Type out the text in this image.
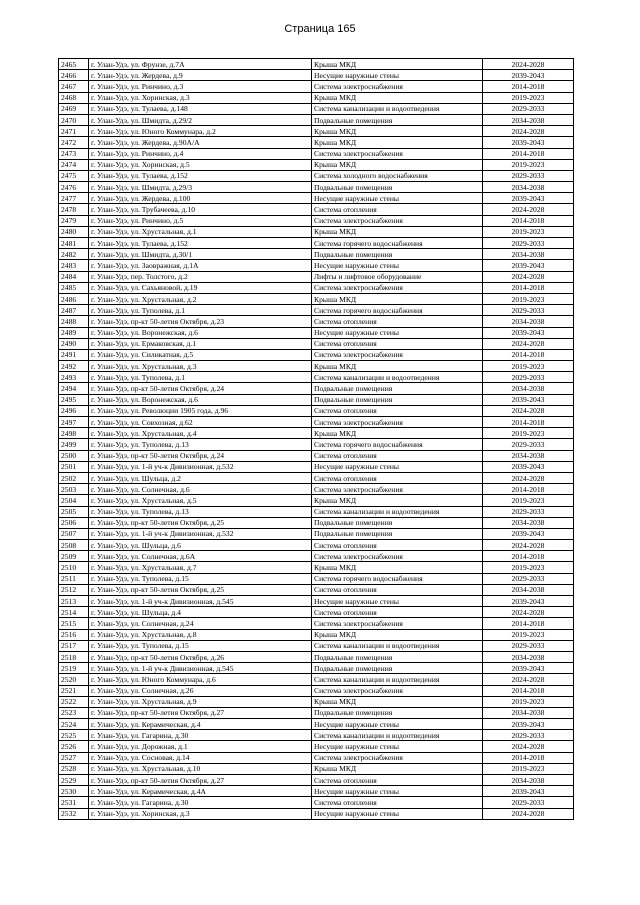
Страница 165
2465	г. Улан-Удэ, ул. Фрунзе, д.7А	Крыша МКД	2024-2028
2466	г. Улан-Удэ, ул. Жердева, д.9	Несущие наружные стены	2039-2043
2467	г. Улан-Удэ, ул. Ринчино, д.3	Система электроснабжения	2014-2018
2468	г. Улан-Удэ, ул. Хоринская, д.3	Крыша МКД	2019-2023
2469	г. Улан-Удэ, ул. Тулаева, д.148	Система канализации и водоотведения	2029-2033
2470	г. Улан-Удэ, ул. Шмидта, д.29/2	Подвальные помещения	2034-2038
2471	г. Улан-Удэ, ул. Юного Коммунара, д.2	Крыша МКД	2024-2028
2472	г. Улан-Удэ, ул. Жердева, д.90А/А	Крыша МКД	2039-2043
2473	г. Улан-Удэ, ул. Ринчино, д.4	Система электроснабжения	2014-2018
2474	г. Улан-Удэ, ул. Хоринская, д.5	Крыша МКД	2019-2023
2475	г. Улан-Удэ, ул. Тулаева, д.152	Система холодного водоснабжения	2029-2033
2476	г. Улан-Удэ, ул. Шмидта, д.29/3	Подвальные помещения	2034-2038
2477	г. Улан-Удэ, ул. Жердева, д.100	Несущие наружные стены	2039-2043
2478	г. Улан-Удэ, ул. Трубачеева, д.10	Система отопления	2024-2028
2479	г. Улан-Удэ, ул. Ринчино, д.5	Система электроснабжения	2014-2018
2480	г. Улан-Удэ, ул. Хрустальная, д.1	Крыша МКД	2019-2023
2481	г. Улан-Удэ, ул. Тулаева, д.152	Система горячего водоснабжения	2029-2033
2482	г. Улан-Удэ, ул. Шмидта, д.30/1	Подвальные помещения	2034-2038
2483	г. Улан-Удэ, ул. Заовражная, д.1А	Несущие наружные стены	2039-2043
2484	г. Улан-Удэ, пер. Толстого, д.2	Лифты и лифтовое оборудование	2024-2028
2485	г. Улан-Удэ, ул. Сахьяновой, д.19	Система электроснабжения	2014-2018
2486	г. Улан-Удэ, ул. Хрустальная, д.2	Крыша МКД	2019-2023
2487	г. Улан-Удэ, ул. Туполева, д.1	Система горячего водоснабжения	2029-2033
2488	г. Улан-Удэ, пр-кт 50-летия Октября, д.23	Система отопления	2034-2038
2489	г. Улан-Удэ, ул. Воронежская, д.6	Несущие наружные стены	2039-2043
2490	г. Улан-Удэ, ул. Ермаковская, д.1	Система отопления	2024-2028
2491	г. Улан-Удэ, ул. Силикатная, д.5	Система электроснабжения	2014-2018
2492	г. Улан-Удэ, ул. Хрустальная, д.3	Крыша МКД	2019-2023
2493	г. Улан-Удэ, ул. Туполева, д.1	Система канализации и водоотведения	2029-2033
2494	г. Улан-Удэ, пр-кт 50-летия Октября, д.24	Подвальные помещения	2034-2038
2495	г. Улан-Удэ, ул. Воронежская, д.6	Подвальные помещения	2039-2043
2496	г. Улан-Удэ, ул. Революции 1905 года, д.96	Система отопления	2024-2028
2497	г. Улан-Удэ, ул. Совхозная, д.62	Система электроснабжения	2014-2018
2498	г. Улан-Удэ, ул. Хрустальная, д.4	Крыша МКД	2019-2023
2499	г. Улан-Удэ, ул. Туполева, д.13	Система горячего водоснабжения	2029-2033
2500	г. Улан-Удэ, пр-кт 50-летия Октября, д.24	Система отопления	2034-2038
2501	г. Улан-Удэ, ул. 1-й уч-к Дивизионная, д.532	Несущие наружные стены	2039-2043
2502	г. Улан-Удэ, ул. Шульца, д.2	Система отопления	2024-2028
2503	г. Улан-Удэ, ул. Солнечная, д.6	Система электроснабжения	2014-2018
2504	г. Улан-Удэ, ул. Хрустальная, д.5	Крыша МКД	2019-2023
2505	г. Улан-Удэ, ул. Туполева, д.13	Система канализации и водоотведения	2029-2033
2506	г. Улан-Удэ, пр-кт 50-летия Октября, д.25	Подвальные помещения	2034-2038
2507	г. Улан-Удэ, ул. 1-й уч-к Дивизионная, д.532	Подвальные помещения	2039-2043
2508	г. Улан-Удэ, ул. Шульца, д.6	Система отопления	2024-2028
2509	г. Улан-Удэ, ул. Солнечная, д.6А	Система электроснабжения	2014-2018
2510	г. Улан-Удэ, ул. Хрустальная, д.7	Крыша МКД	2019-2023
2511	г. Улан-Удэ, ул. Туполева, д.15	Система горячего водоснабжения	2029-2033
2512	г. Улан-Удэ, пр-кт 50-летия Октября, д.25	Система отопления	2034-2038
2513	г. Улан-Удэ, ул. 1-й уч-к Дивизионная, д.545	Несущие наружные стены	2039-2043
2514	г. Улан-Удэ, ул. Шульца, д.4	Система отопления	2024-2028
2515	г. Улан-Удэ, ул. Солнечная, д.24	Система электроснабжения	2014-2018
2516	г. Улан-Удэ, ул. Хрустальная, д.8	Крыша МКД	2019-2023
2517	г. Улан-Удэ, ул. Туполева, д.15	Система канализации и водоотведения	2029-2033
2518	г. Улан-Удэ, пр-кт 50-летия Октября, д.26	Подвальные помещения	2034-2038
2519	г. Улан-Удэ, ул. 1-й уч-к Дивизионная, д.545	Подвальные помещения	2039-2043
2520	г. Улан-Удэ, ул. Юного Коммунара, д.6	Система канализации и водоотведения	2024-2028
2521	г. Улан-Удэ, ул. Солнечная, д.26	Система электроснабжения	2014-2018
2522	г. Улан-Удэ, ул. Хрустальная, д.9	Крыша МКД	2019-2023
2523	г. Улан-Удэ, пр-кт 50-летия Октября, д.27	Подвальные помещения	2034-2038
2524	г. Улан-Удэ, ул. Керамическая, д.4	Несущие наружные стены	2039-2043
2525	г. Улан-Удэ, ул. Гагарина, д.30	Система канализации и водоотведения	2029-2033
2526	г. Улан-Удэ, ул. Дорожная, д.1	Несущие наружные стены	2024-2028
2527	г. Улан-Удэ, ул. Сосновая, д.14	Система электроснабжения	2014-2018
2528	г. Улан-Удэ, ул. Хрустальная, д.10	Крыша МКД	2019-2023
2529	г. Улан-Удэ, пр-кт 50-летия Октября, д.27	Система отопления	2034-2038
2530	г. Улан-Удэ, ул. Керамическая, д.4А	Несущие наружные стены	2039-2043
2531	г. Улан-Удэ, ул. Гагарина, д.30	Система отопления	2029-2033
2532	г. Улан-Удэ, ул. Хоринская, д.3	Несущие наружные стены	2024-2028
